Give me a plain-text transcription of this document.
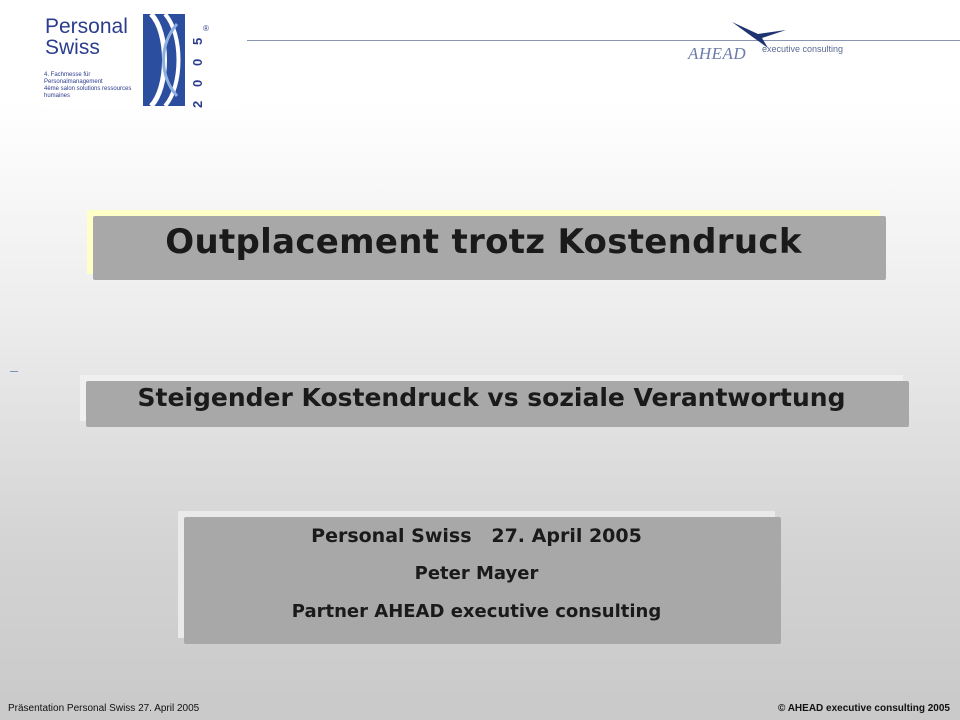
Personal Swiss
4. Fachmesse für Personalmanagement
4ème salon solutions ressources humaines
5
0
0
2
®
AHEAD executive consulting
Outplacement trotz Kostendruck
Steigender Kostendruck vs soziale Verantwortung
Personal Swiss   27. April 2005
Peter Mayer
Partner AHEAD executive consulting
Präsentation Personal Swiss 27. April 2005	© AHEAD executive consulting 2005
